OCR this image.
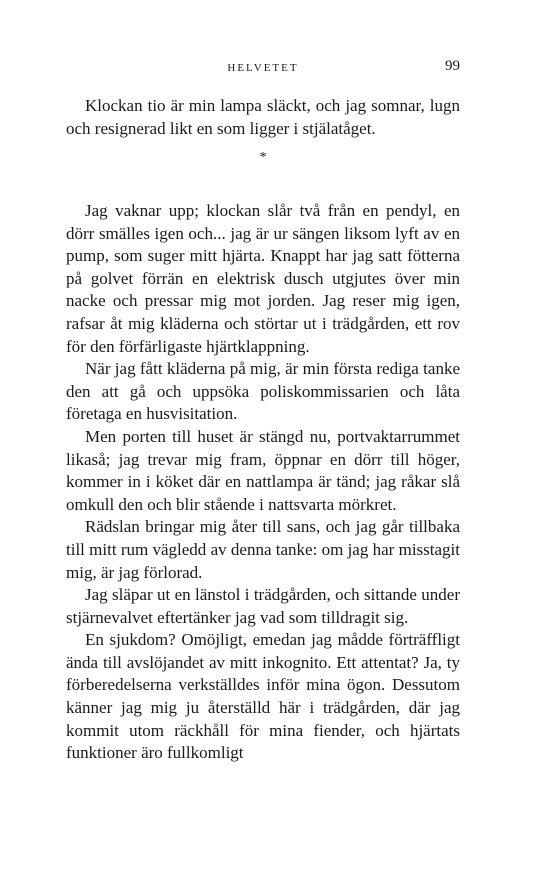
HELVETET	99

Klockan tio är min lampa släckt, och jag somnar, lugn och resignerad likt en som ligger i stjälatåget.

*

Jag vaknar upp; klockan slår två från en pendyl, en dörr smälles igen och... jag är ur sängen liksom lyft av en pump, som suger mitt hjärta. Knappt har jag satt fötterna på golvet förrän en elektrisk dusch utgjutes över min nacke och pressar mig mot jorden. Jag reser mig igen, rafsar åt mig kläderna och störtar ut i trädgården, ett rov för den förfärligaste hjärtklappning.

När jag fått kläderna på mig, är min första rediga tanke den att gå och uppsöka poliskommissarien och låta företaga en husvisitation.

Men porten till huset är stängd nu, portvaktarrummet likaså; jag trevar mig fram, öppnar en dörr till höger, kommer in i köket där en nattlampa är tänd; jag råkar slå omkull den och blir stående i nattsvarta mörkret.

Rädslan bringar mig åter till sans, och jag går tillbaka till mitt rum vägledd av denna tanke: om jag har misstagit mig, är jag förlorad.

Jag släpar ut en länstol i trädgården, och sittande under stjärnevalvet eftertänker jag vad som tilldragit sig.

En sjukdom? Omöjligt, emedan jag mådde förträffligt ända till avslöjandet av mitt inkognito. Ett attentat? Ja, ty förberedelserna verkställdes inför mina ögon. Dessutom känner jag mig ju återställd här i trädgården, där jag kommit utom räckhåll för mina fiender, och hjärtats funktioner äro fullkomligt
